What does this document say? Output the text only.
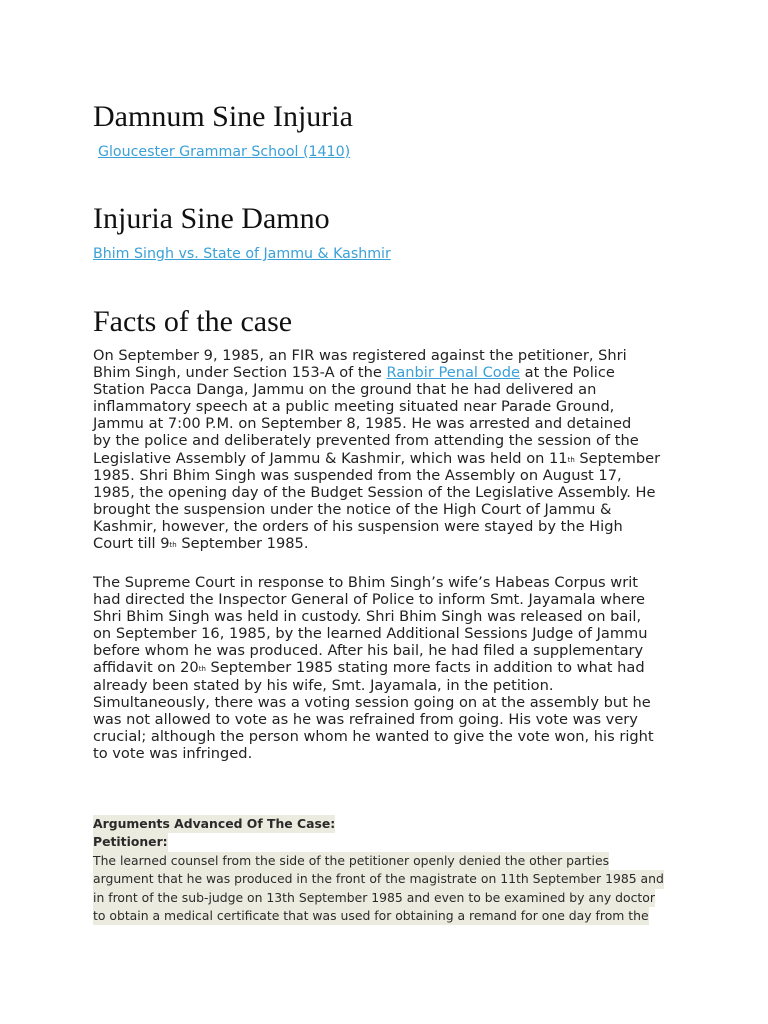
Damnum Sine Injuria
Gloucester Grammar School (1410)
Injuria Sine Damno
Bhim Singh vs. State of Jammu & Kashmir
Facts of the case
On September 9, 1985, an FIR was registered against the petitioner, Shri
Bhim Singh, under Section 153-A of the Ranbir Penal Code at the Police
Station Pacca Danga, Jammu on the ground that he had delivered an
inflammatory speech at a public meeting situated near Parade Ground,
Jammu at 7:00 P.M. on September 8, 1985. He was arrested and detained
by the police and deliberately prevented from attending the session of the
Legislative Assembly of Jammu & Kashmir, which was held on 11th September
1985. Shri Bhim Singh was suspended from the Assembly on August 17,
1985, the opening day of the Budget Session of the Legislative Assembly. He
brought the suspension under the notice of the High Court of Jammu &
Kashmir, however, the orders of his suspension were stayed by the High
Court till 9th September 1985.
The Supreme Court in response to Bhim Singh’s wife’s Habeas Corpus writ
had directed the Inspector General of Police to inform Smt. Jayamala where
Shri Bhim Singh was held in custody. Shri Bhim Singh was released on bail,
on September 16, 1985, by the learned Additional Sessions Judge of Jammu
before whom he was produced. After his bail, he had filed a supplementary
affidavit on 20th September 1985 stating more facts in addition to what had
already been stated by his wife, Smt. Jayamala, in the petition.
Simultaneously, there was a voting session going on at the assembly but he
was not allowed to vote as he was refrained from going. His vote was very
crucial; although the person whom he wanted to give the vote won, his right
to vote was infringed.
Arguments Advanced Of The Case:
Petitioner:
The learned counsel from the side of the petitioner openly denied the other parties
argument that he was produced in the front of the magistrate on 11th September 1985 and
in front of the sub-judge on 13th September 1985 and even to be examined by any doctor
to obtain a medical certificate that was used for obtaining a remand for one day from the
